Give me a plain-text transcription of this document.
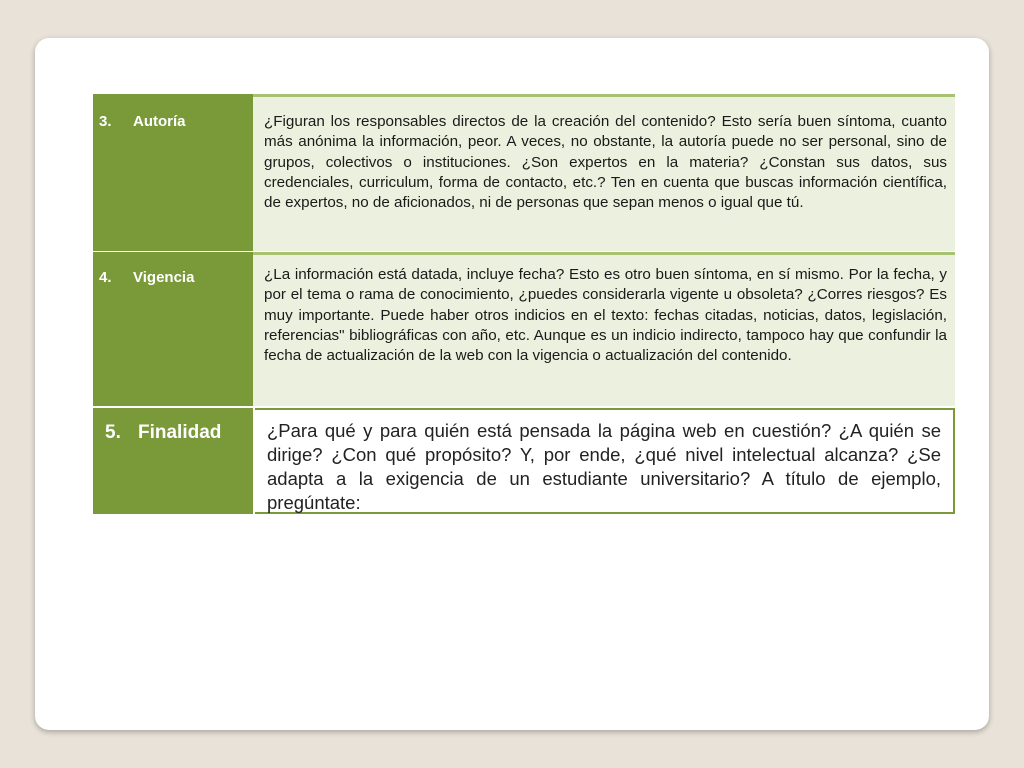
3. Autoría	¿Figuran los responsables directos de la creación del contenido? Esto sería buen síntoma, cuanto más anónima la información, peor. A veces, no obstante, la autoría puede no ser personal, sino de grupos, colectivos o instituciones. ¿Son expertos en la materia? ¿Constan sus datos, sus credenciales, curriculum, forma de contacto, etc.? Ten en cuenta que buscas información científica, de expertos, no de aficionados, ni de personas que sepan menos o igual que tú.
4. Vigencia	¿La información está datada, incluye fecha? Esto es otro buen síntoma, en sí mismo. Por la fecha, y por el tema o rama de conocimiento, ¿puedes considerarla vigente u obsoleta? ¿Corres riesgos? Es muy importante. Puede haber otros indicios en el texto: fechas citadas, noticias, datos, legislación, referencias" bibliográficas con año, etc. Aunque es un indicio indirecto, tampoco hay que confundir la fecha de actualización de la web con la vigencia o actualización del contenido.
5. Finalidad	¿Para qué y para quién está pensada la página web en cuestión? ¿A quién se dirige? ¿Con qué propósito? Y, por ende, ¿qué nivel intelectual alcanza? ¿Se adapta a la exigencia de un estudiante universitario? A título de ejemplo, pregúntate:
